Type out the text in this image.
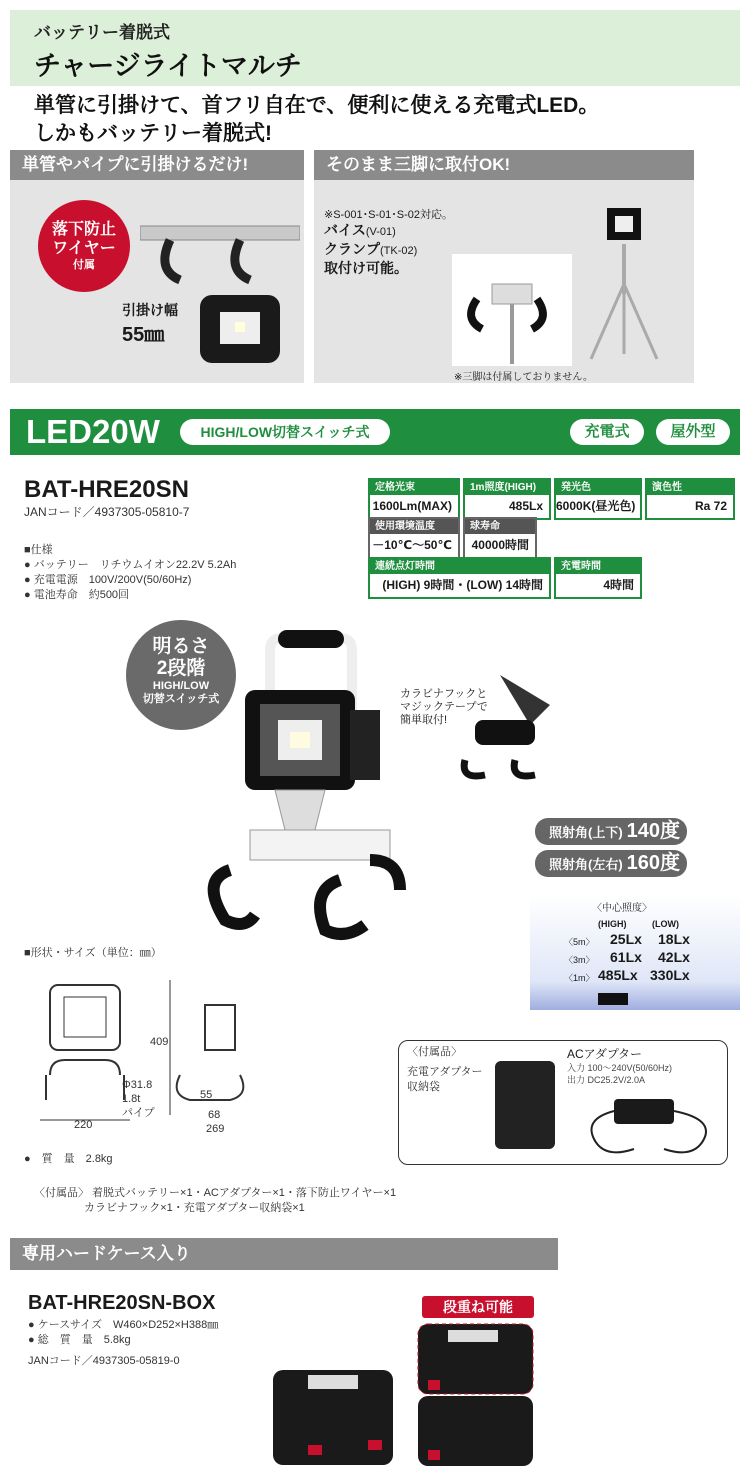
バッテリー着脱式
チャージライトマルチ
単管に引掛けて、首フリ自在で、便利に使える充電式LED。
しかもバッテリー着脱式!
単管やパイプに引掛けるだけ!
落下防止
ワイヤー
付属
引掛け幅
55㎜
そのまま三脚に取付OK!
※S-001･S-01･S-02対応。
バイス(V-01)
クランプ(TK-02)
取付け可能。
※三脚は付属しておりません。
LED20W	HIGH/LOW切替スイッチ式	充電式	屋外型
BAT-HRE20SN
JANコード／4937305-05810-7
■仕様
● バッテリー　リチウムイオン22.2V 5.2Ah
● 充電電源　100V/200V(50/60Hz)
● 電池寿命　約500回
定格光束
1600Lm(MAX)
1m照度(HIGH)
485Lx
発光色
6000K(昼光色)
演色性
Ra 72
使用環境温度
－10℃～50℃
球寿命
40000時間
連続点灯時間
(HIGH) 9時間・(LOW) 14時間
充電時間
4時間
明るさ
2段階
HIGH/LOW
切替スイッチ式	カラビナフックと
マジックテープで
簡単取付!
照射角(上下) 140度
照射角(左右) 160度
〈中心照度〉
(HIGH)	(LOW)
〈5m〉 25Lx 18Lx
〈3m〉 61Lx 42Lx
〈1m〉 485Lx 330Lx
■形状・サイズ（単位：㎜）
409
Φ31.8
1.8t
パイプ
55
68
220	269
●　質　量　2.8kg
〈付属品〉
充電アダプター
収納袋
ACアダプター
入力 100～240V(50/60Hz)
出力 DC25.2V/2.0A
〈付属品〉 着脱式バッテリー×1・ACアダプター×1・落下防止ワイヤー×1
カラビナフック×1・充電アダプター収納袋×1
専用ハードケース入り
BAT-HRE20SN-BOX
● ケースサイズ　W460×D252×H388㎜
● 総　質　量　5.8kg
JANコード／4937305-05819-0
段重ね可能
